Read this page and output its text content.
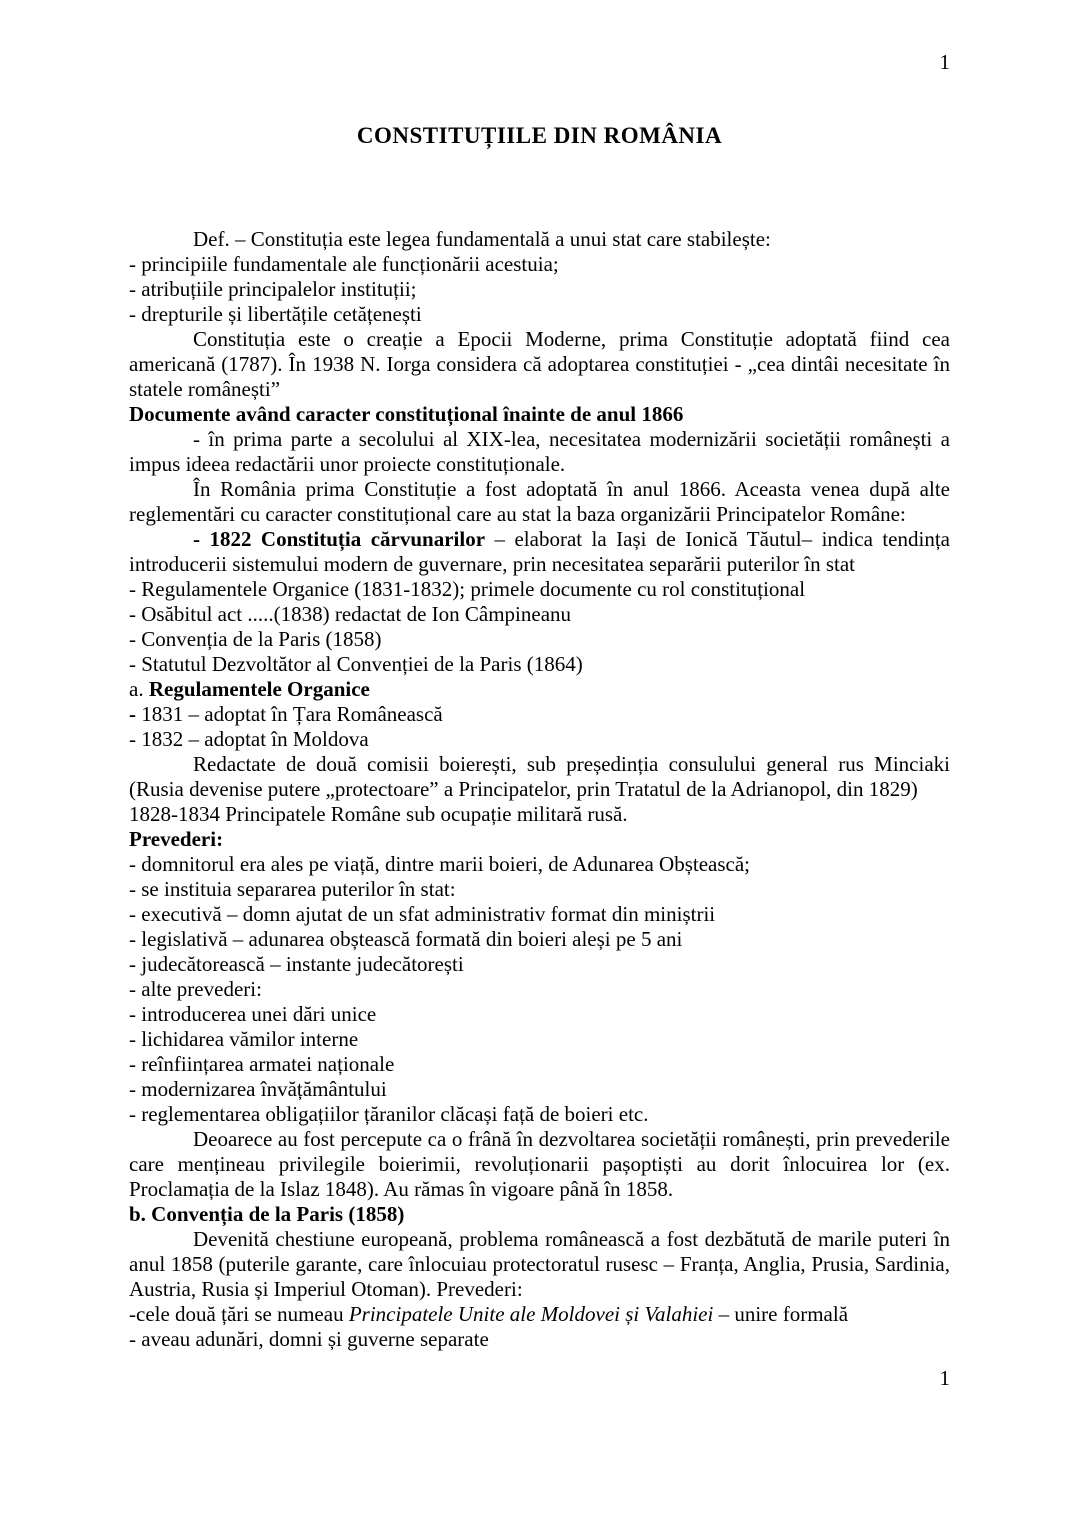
1
CONSTITUȚIILE DIN ROMÂNIA

Def. – Constituția este legea fundamentală a unui stat care stabilește:

- principiile fundamentale ale funcționării acestuia;

- atribuțiile principalelor instituții;

- drepturile și libertățile cetățenești

Constituția este o creație a Epocii Moderne, prima Constituție adoptată fiind cea americană (1787). În 1938 N. Iorga considera că adoptarea constituției - „cea dintâi necesitate în statele românești”

Documente având caracter constituțional înainte de anul 1866

- în prima parte a secolului al XIX-lea, necesitatea modernizării societății românești a impus ideea redactării unor proiecte constituționale.

În România prima Constituție a fost adoptată în anul 1866. Aceasta venea după alte reglementări cu caracter constituțional care au stat la baza organizării Principatelor Române:

- 1822 Constituția cărvunarilor – elaborat la Iași de Ionică Tăutul– indica tendința introducerii sistemului modern de guvernare, prin necesitatea separării puterilor în stat

- Regulamentele Organice (1831-1832); primele documente cu rol constituțional

- Osăbitul act .....(1838) redactat de Ion Câmpineanu

- Convenția de la Paris (1858)

- Statutul Dezvoltător al Convenției de la Paris (1864)

a. Regulamentele Organice

- 1831 – adoptat în Țara Românească

- 1832 – adoptat în Moldova

Redactate de două comisii boierești, sub președinția consulului general rus Minciaki (Rusia devenise putere „protectoare” a Principatelor, prin Tratatul de la Adrianopol, din 1829)

1828-1834 Principatele Române sub ocupație militară rusă.

Prevederi:

- domnitorul era ales pe viață, dintre marii boieri, de Adunarea Obștească;

- se instituia separarea puterilor în stat:

- executivă – domn ajutat de un sfat administrativ format din miniștrii

- legislativă – adunarea obștească formată din boieri aleși pe 5 ani

- judecătorească – instante judecătorești

- alte prevederi:

- introducerea unei dări unice

- lichidarea vămilor interne

- reînființarea armatei naționale

- modernizarea învățământului

- reglementarea obligațiilor țăranilor clăcași față de boieri etc.

Deoarece au fost percepute ca o frână în dezvoltarea societății românești, prin prevederile care mențineau privilegile boierimii, revoluționarii pașoptiști au dorit înlocuirea lor (ex. Proclamația de la Islaz 1848). Au rămas în vigoare până în 1858.

b. Convenția de la Paris (1858)

Devenită chestiune europeană, problema românească a fost dezbătută de marile puteri în anul 1858 (puterile garante, care înlocuiau protectoratul rusesc – Franța, Anglia, Prusia, Sardinia, Austria, Rusia și Imperiul Otoman). Prevederi:

-cele două țări se numeau Principatele Unite ale Moldovei și Valahiei – unire formală

- aveau adunări, domni și guverne separate

1
